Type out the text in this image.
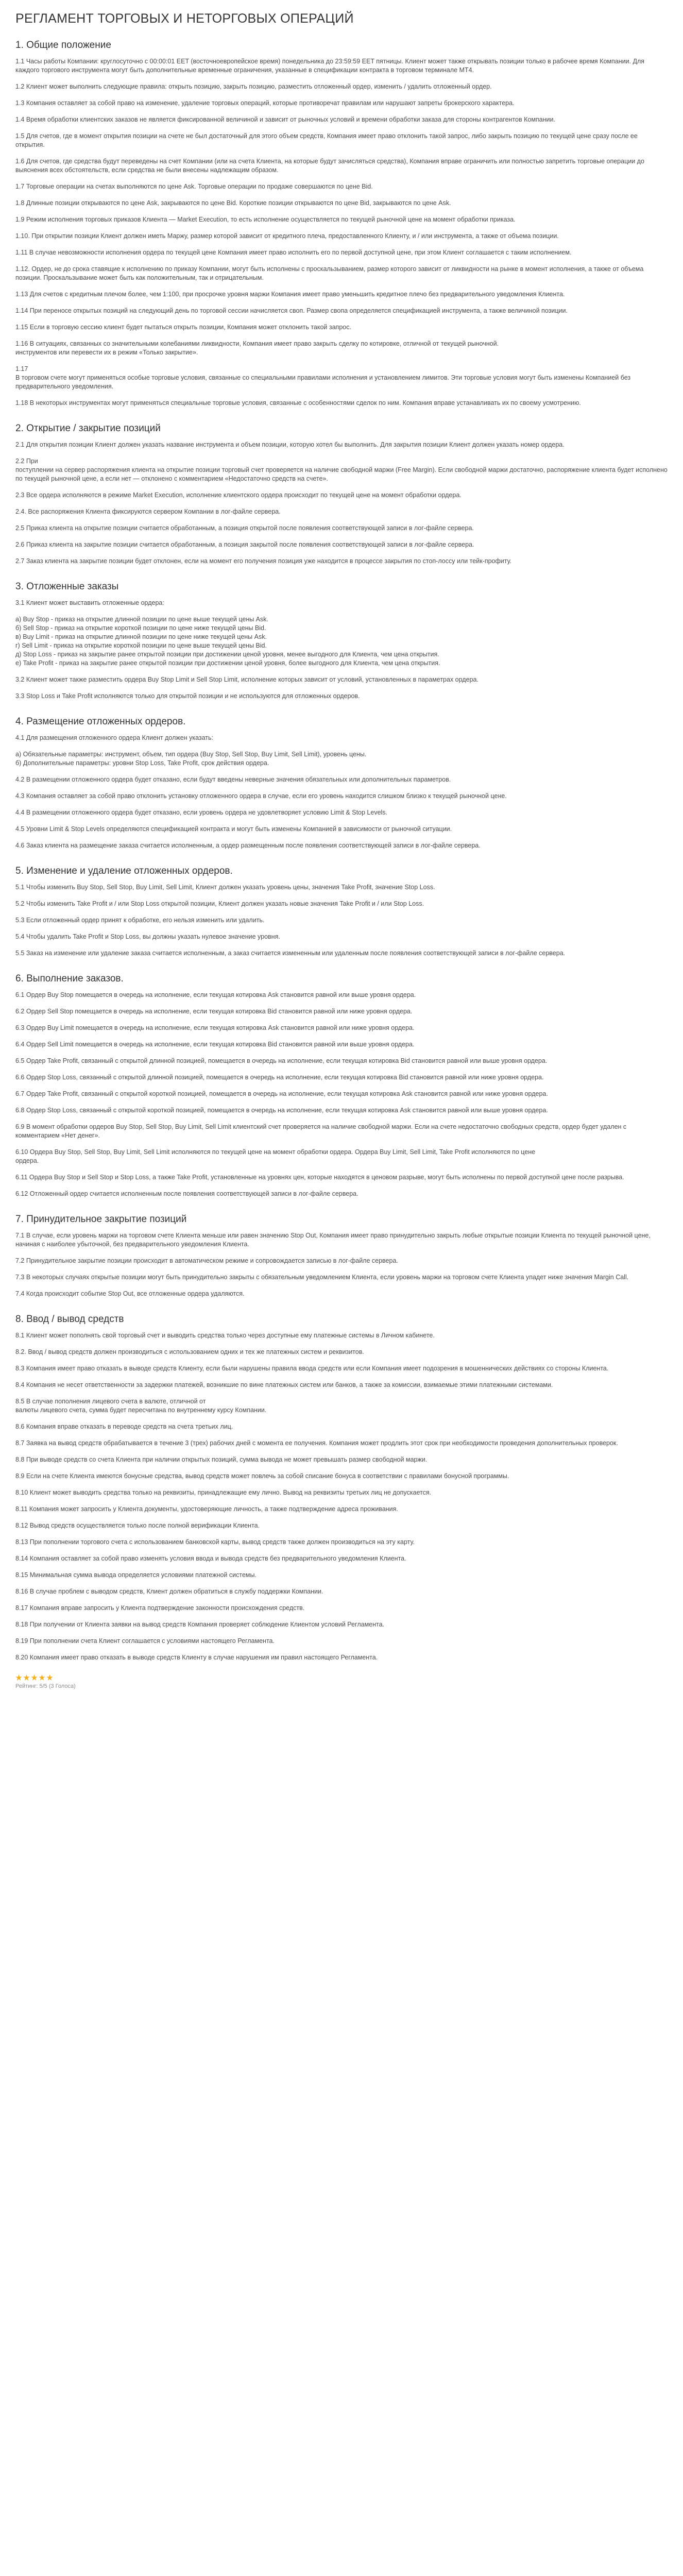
РЕГЛАМЕНТ ТОРГОВЫХ И НЕТОРГОВЫХ ОПЕРАЦИЙ
1. Общие положение

1.1 Часы работы Компании: круглосуточно с 00:00:01 EET (восточноевропейское время) понедельника до 23:59:59 EET пятницы. Клиент может также открывать позиции только в рабочее время Компании. Для каждого торгового инструмента могут быть дополнительные временные ограничения, указанные в спецификации контракта в торговом терминале MT4.

1.2 Клиент может выполнить следующие правила: открыть позицию, закрыть позицию, разместить отложенный ордер, изменить / удалить отложенный ордер.

1.3 Компания оставляет за собой право на изменение, удаление торговых операций, которые противоречат правилам или нарушают запреты брокерского характера.

1.4 Время обработки клиентских заказов не является фиксированной величиной и зависит от рыночных условий и времени обработки заказа для стороны контрагентов Компании.

1.5 Для счетов, где в момент открытия позиции на счете не был достаточный для этого объем средств, Компания имеет право отклонить такой запрос, либо закрыть позицию по текущей цене сразу после ее открытия.

1.6 Для счетов, где средства будут переведены на счет Компании (или на счета Клиента, на которые будут зачисляться средства), Компания вправе ограничить или полностью запретить торговые операции до выяснения всех обстоятельств, если средства не были внесены надлежащим образом.

1.7 Торговые операции на счетах выполняются по цене Ask. Торговые операции по продаже совершаются по цене Bid.

1.8 Длинные позиции открываются по цене Ask, закрываются по цене Bid. Короткие позиции открываются по цене Bid, закрываются по цене Ask.

1.9 Режим исполнения торговых приказов Клиента — Market Execution, то есть исполнение осуществляется по текущей рыночной цене на момент обработки приказа.

1.10. При открытии позиции Клиент должен иметь Маржу, размер которой зависит от кредитного плеча, предоставленного Клиенту, и / или инструмента, а также от объема позиции.

1.11 В случае невозможности исполнения ордера по текущей цене Компания имеет право исполнить его по первой доступной цене, при этом Клиент соглашается с таким исполнением.

1.12. Ордер, не до срока ставящие к исполнению по приказу Компании, могут быть исполнены с проскальзыванием, размер которого зависит от ликвидности на рынке в момент исполнения, а также от объема позиции. Проскальзывание может быть как положительным, так и отрицательным.

1.13 Для счетов с кредитным плечом более, чем 1:100, при просрочке уровня маржи Компания имеет право уменьшить кредитное плечо без предварительного уведомления Клиента.

1.14 При переносе открытых позиций на следующий день по торговой сессии начисляется своп. Размер свопа определяется спецификацией инструмента, а также величиной позиции.

1.15 Если в торговую сессию клиент будет пытаться открыть позиции, Компания может отклонить такой запрос.

1.16 В ситуациях, связанных со значительными колебаниями ликвидности, Компания имеет право закрыть сделку по котировке, отличной от текущей рыночной.
инструментов или перевести их в режим «Только закрытие».

1.17
В торговом счете могут применяться особые торговые условия, связанные со специальными правилами исполнения и установлением лимитов. Эти торговые условия могут быть изменены Компанией без предварительного уведомления.

1.18 В некоторых инструментах могут применяться специальные торговые условия, связанные с особенностями сделок по ним. Компания вправе устанавливать их по своему усмотрению.

2. Открытие / закрытие позиций

2.1 Для открытия позиции Клиент должен указать название инструмента и объем позиции, которую хотел бы выполнить. Для закрытия позиции Клиент должен указать номер ордера.

2.2 При
поступлении на сервер распоряжения клиента на открытие позиции торговый счет проверяется на наличие свободной маржи (Free Margin). Если свободной маржи достаточно, распоряжение клиента будет исполнено по текущей рыночной цене, а если нет — отклонено с комментарием «Недостаточно средств на счете».

2.3 Все ордера исполняются в режиме Market Execution, исполнение клиентского ордера происходит по текущей цене на момент обработки ордера.

2.4. Все распоряжения Клиента фиксируются сервером Компании в лог-файле сервера.

2.5 Приказ клиента на открытие позиции считается обработанным, а позиция открытой после появления соответствующей записи в лог-файле сервера.

2.6 Приказ клиента на закрытие позиции считается обработанным, а позиция закрытой после появления соответствующей записи в лог-файле сервера.

2.7 Заказ клиента на закрытие позиции будет отклонен, если на момент его получения позиция уже находится в процессе закрытия по стоп-лоссу или тейк-профиту.

3. Отложенные заказы

3.1 Клиент может выставить отложенные ордера:

а) Buy Stop - приказ на открытие длинной позиции по цене выше текущей цены Ask.
б) Sell Stop - приказ на открытие короткой позиции по цене ниже текущей цены Bid.
в) Buy Limit - приказ на открытие длинной позиции по цене ниже текущей цены Ask.
г) Sell Limit - приказ на открытие короткой позиции по цене выше текущей цены Bid.
д) Stop Loss - приказ на закрытие ранее открытой позиции при достижении ценой уровня, менее выгодного для Клиента, чем цена открытия.
е) Take Profit - приказ на закрытие ранее открытой позиции при достижении ценой уровня, более выгодного для Клиента, чем цена открытия.

3.2 Клиент может также разместить ордера Buy Stop Limit и Sell Stop Limit, исполнение которых зависит от условий, установленных в параметрах ордера.

3.3 Stop Loss и Take Profit исполняются только для открытой позиции и не используются для отложенных ордеров.

4. Размещение отложенных ордеров.

4.1 Для размещения отложенного ордера Клиент должен указать:

а) Обязательные параметры: инструмент, объем, тип ордера (Buy Stop, Sell Stop, Buy Limit, Sell Limit), уровень цены.
б) Дополнительные параметры: уровни Stop Loss, Take Profit, срок действия ордера.

4.2 В размещении отложенного ордера будет отказано, если будут введены неверные значения обязательных или дополнительных параметров.

4.3 Компания оставляет за собой право отклонить установку отложенного ордера в случае, если его уровень находится слишком близко к текущей рыночной цене.

4.4 В размещении отложенного ордера будет отказано, если уровень ордера не удовлетворяет условию Limit & Stop Levels.

4.5 Уровни Limit & Stop Levels определяются спецификацией контракта и могут быть изменены Компанией в зависимости от рыночной ситуации.

4.6 Заказ клиента на размещение заказа считается исполненным, а ордер размещенным после появления соответствующей записи в лог-файле сервера.

5. Изменение и удаление отложенных ордеров.

5.1 Чтобы изменить Buy Stop, Sell Stop, Buy Limit, Sell Limit, Клиент должен указать уровень цены, значения Take Profit, значение Stop Loss.

5.2 Чтобы изменить Take Profit и / или Stop Loss открытой позиции, Клиент должен указать новые значения Take Profit и / или Stop Loss.

5.3 Если отложенный ордер принят к обработке, его нельзя изменить или удалить.

5.4 Чтобы удалить Take Profit и Stop Loss, вы должны указать нулевое значение уровня.

5.5 Заказ на изменение или удаление заказа считается исполненным, а заказ считается измененным или удаленным после появления соответствующей записи в лог-файле сервера.

6. Выполнение заказов.

6.1 Ордер Buy Stop помещается в очередь на исполнение, если текущая котировка Ask становится равной или выше уровня ордера.

6.2 Ордер Sell Stop помещается в очередь на исполнение, если текущая котировка Bid становится равной или ниже уровня ордера.

6.3 Ордер Buy Limit помещается в очередь на исполнение, если текущая котировка Ask становится равной или ниже уровня ордера.

6.4 Ордер Sell Limit помещается в очередь на исполнение, если текущая котировка Bid становится равной или выше уровня ордера.

6.5 Ордер Take Profit, связанный с открытой длинной позицией, помещается в очередь на исполнение, если текущая котировка Bid становится равной или выше уровня ордера.

6.6 Ордер Stop Loss, связанный с открытой длинной позицией, помещается в очередь на исполнение, если текущая котировка Bid становится равной или ниже уровня ордера.

6.7 Ордер Take Profit, связанный с открытой короткой позицией, помещается в очередь на исполнение, если текущая котировка Ask становится равной или ниже уровня ордера.

6.8 Ордер Stop Loss, связанный с открытой короткой позицией, помещается в очередь на исполнение, если текущая котировка Ask становится равной или выше уровня ордера.

6.9 В момент обработки ордеров Buy Stop, Sell Stop, Buy Limit, Sell Limit клиентский счет проверяется на наличие свободной маржи. Если на счете недостаточно свободных средств, ордер будет удален с комментарием «Нет денег».

6.10 Ордера Buy Stop, Sell Stop, Buy Limit, Sell Limit исполняются по текущей цене на момент обработки ордера. Ордера Buy Limit, Sell Limit, Take Profit исполняются по цене
ордера.

6.11 Ордера Buy Stop и Sell Stop и Stop Loss, а также Take Profit, установленные на уровнях цен, которые находятся в ценовом разрыве, могут быть исполнены по первой доступной цене после разрыва.

6.12 Отложенный ордер считается исполненным после появления соответствующей записи в лог-файле сервера.

7. Принудительное закрытие позиций

7.1 В случае, если уровень маржи на торговом счете Клиента меньше или равен значению Stop Out, Компания имеет право принудительно закрыть любые открытые позиции Клиента по текущей рыночной цене, начиная с наиболее убыточной, без предварительного уведомления Клиента.

7.2 Принудительное закрытие позиции происходит в автоматическом режиме и сопровождается записью в лог-файле сервера.

7.3 В некоторых случаях открытые позиции могут быть принудительно закрыты с обязательным уведомлением Клиента, если уровень маржи на торговом счете Клиента упадет ниже значения Margin Call.

7.4 Когда происходит событие Stop Out, все отложенные ордера удаляются.

8. Ввод / вывод средств

8.1 Клиент может пополнять свой торговый счет и выводить средства только через доступные ему платежные системы в Личном кабинете.

8.2. Ввод / вывод средств должен производиться с использованием одних и тех же платежных систем и реквизитов.

8.3 Компания имеет право отказать в выводе средств Клиенту, если были нарушены правила ввода средств или если Компания имеет подозрения в мошеннических действиях со стороны Клиента.

8.4 Компания не несет ответственности за задержки платежей, возникшие по вине платежных систем или банков, а также за комиссии, взимаемые этими платежными системами.

8.5 В случае пополнения лицевого счета в валюте, отличной от
валюты лицевого счета, сумма будет пересчитана по внутреннему курсу Компании.

8.6 Компания вправе отказать в переводе средств на счета третьих лиц.

8.7 Заявка на вывод средств обрабатывается в течение 3 (трех) рабочих дней с момента ее получения. Компания может продлить этот срок при необходимости проведения дополнительных проверок.

8.8 При выводе средств со счета Клиента при наличии открытых позиций, сумма вывода не может превышать размер свободной маржи.

8.9 Если на счете Клиента имеются бонусные средства, вывод средств может повлечь за собой списание бонуса в соответствии с правилами бонусной программы.

8.10 Клиент может выводить средства только на реквизиты, принадлежащие ему лично. Вывод на реквизиты третьих лиц не допускается.

8.11 Компания может запросить у Клиента документы, удостоверяющие личность, а также подтверждение адреса проживания.

8.12 Вывод средств осуществляется только после полной верификации Клиента.

8.13 При пополнении торгового счета с использованием банковской карты, вывод средств также должен производиться на эту карту.

8.14 Компания оставляет за собой право изменять условия ввода и вывода средств без предварительного уведомления Клиента.

8.15 Минимальная сумма вывода определяется условиями платежной системы.

8.16 В случае проблем с выводом средств, Клиент должен обратиться в службу поддержки Компании.

8.17 Компания вправе запросить у Клиента подтверждение законности происхождения средств.

8.18 При получении от Клиента заявки на вывод средств Компания проверяет соблюдение Клиентом условий Регламента.

8.19 При пополнении счета Клиент соглашается с условиями настоящего Регламента.

8.20 Компания имеет право отказать в выводе средств Клиенту в случае нарушения им правил настоящего Регламента.

Рейтинг: 5/5 (3 Голоса)
